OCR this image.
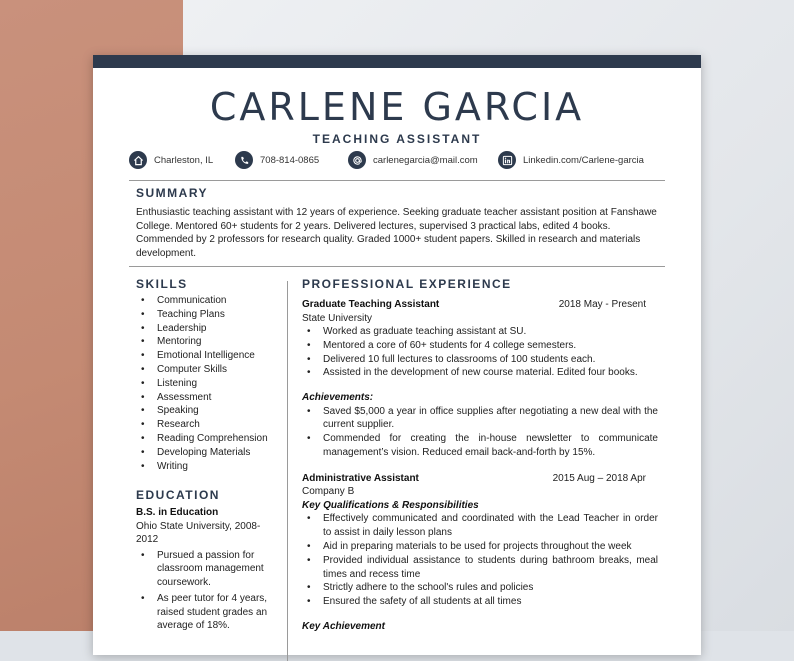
CARLENE GARCIA
TEACHING ASSISTANT
Charleston, IL	708-814-0865	carlenegarcia@mail.com	Linkedin.com/Carlene-garcia
SUMMARY
Enthusiastic teaching assistant with 12 years of experience. Seeking graduate teacher assistant position at Fanshawe College. Mentored 60+ students for 2 years. Delivered lectures, supervised 3 practical labs, edited 4 books. Commended by 2 professors for research quality. Graded 1000+ student papers. Skilled in research and materials development.
SKILLS
• Communication
• Teaching Plans
• Leadership
• Mentoring
• Emotional Intelligence
• Computer Skills
• Listening
• Assessment
• Speaking
• Research
• Reading Comprehension
• Developing Materials
• Writing
EDUCATION
B.S. in Education
Ohio State University, 2008-2012
• Pursued a passion for classroom management coursework.
• As peer tutor for 4 years, raised student grades an average of 18%.
PROFESSIONAL EXPERIENCE
Graduate Teaching Assistant	2018 May - Present
State University
• Worked as graduate teaching assistant at SU.
• Mentored a core of 60+ students for 4 college semesters.
• Delivered 10 full lectures to classrooms of 100 students each.
• Assisted in the development of new course material. Edited four books.
Achievements:
• Saved $5,000 a year in office supplies after negotiating a new deal with the current supplier.
• Commended for creating the in-house newsletter to communicate management’s vision. Reduced email back-and-forth by 15%.
Administrative Assistant	2015 Aug – 2018 Apr
Company B
Key Qualifications & Responsibilities
• Effectively communicated and coordinated with the Lead Teacher in order to assist in daily lesson plans
• Aid in preparing materials to be used for projects throughout the week
• Provided individual assistance to students during bathroom breaks, meal times and recess time
• Strictly adhere to the school's rules and policies
• Ensured the safety of all students at all times
Key Achievement
